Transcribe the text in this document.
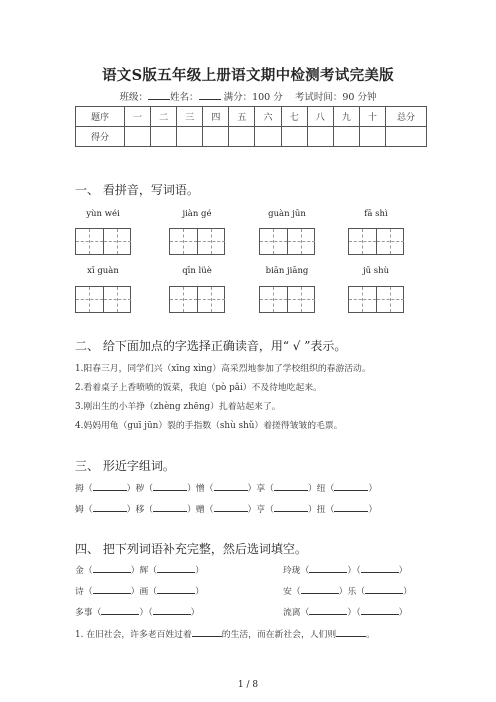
语文S版五年级上册语文期中检测考试完美版
班级： 姓名：	满分：100 分 考试时间：90 分钟
题序	一	二	三	四	五	六	七	八	九	十	总分
得分											
一、 看拼音，写词语。
yùn wéi	jiàn gé	guàn jūn	fā shì
xī guàn	qīn lüè	biān jiāng	jū shù
二、 给下面加点的字选择正确读音，用“ √ ”表示。
1.阳春三月，同学们兴（xīng xìng）高采烈地参加了学校组织的春游活动。
2.看着桌子上香喷喷的饭菜，我迫（pò pǎi）不及待地吃起来。
3.刚出生的小羊挣（zhèng zhēng）扎着站起来了。
4.妈妈用龟（guī jūn）裂的手指数（shù shǔ）着搓得皱皱的毛票。
三、 形近字组词。
拇（	）秽（	）憎（	）享（	）纽（	）
姆（	）移（	）赠（	）亨（	）扭（	）
四、 把下列词语补充完整，然后选词填空。
金（	）辉（	）	玲珑（	）（	）
诗（	）画（	）	安（	）乐（	）
多事（	）（	）	流离（	）（	）
1. 在旧社会，许多老百姓过着	的生活，而在新社会，人们则	。
1 / 8
